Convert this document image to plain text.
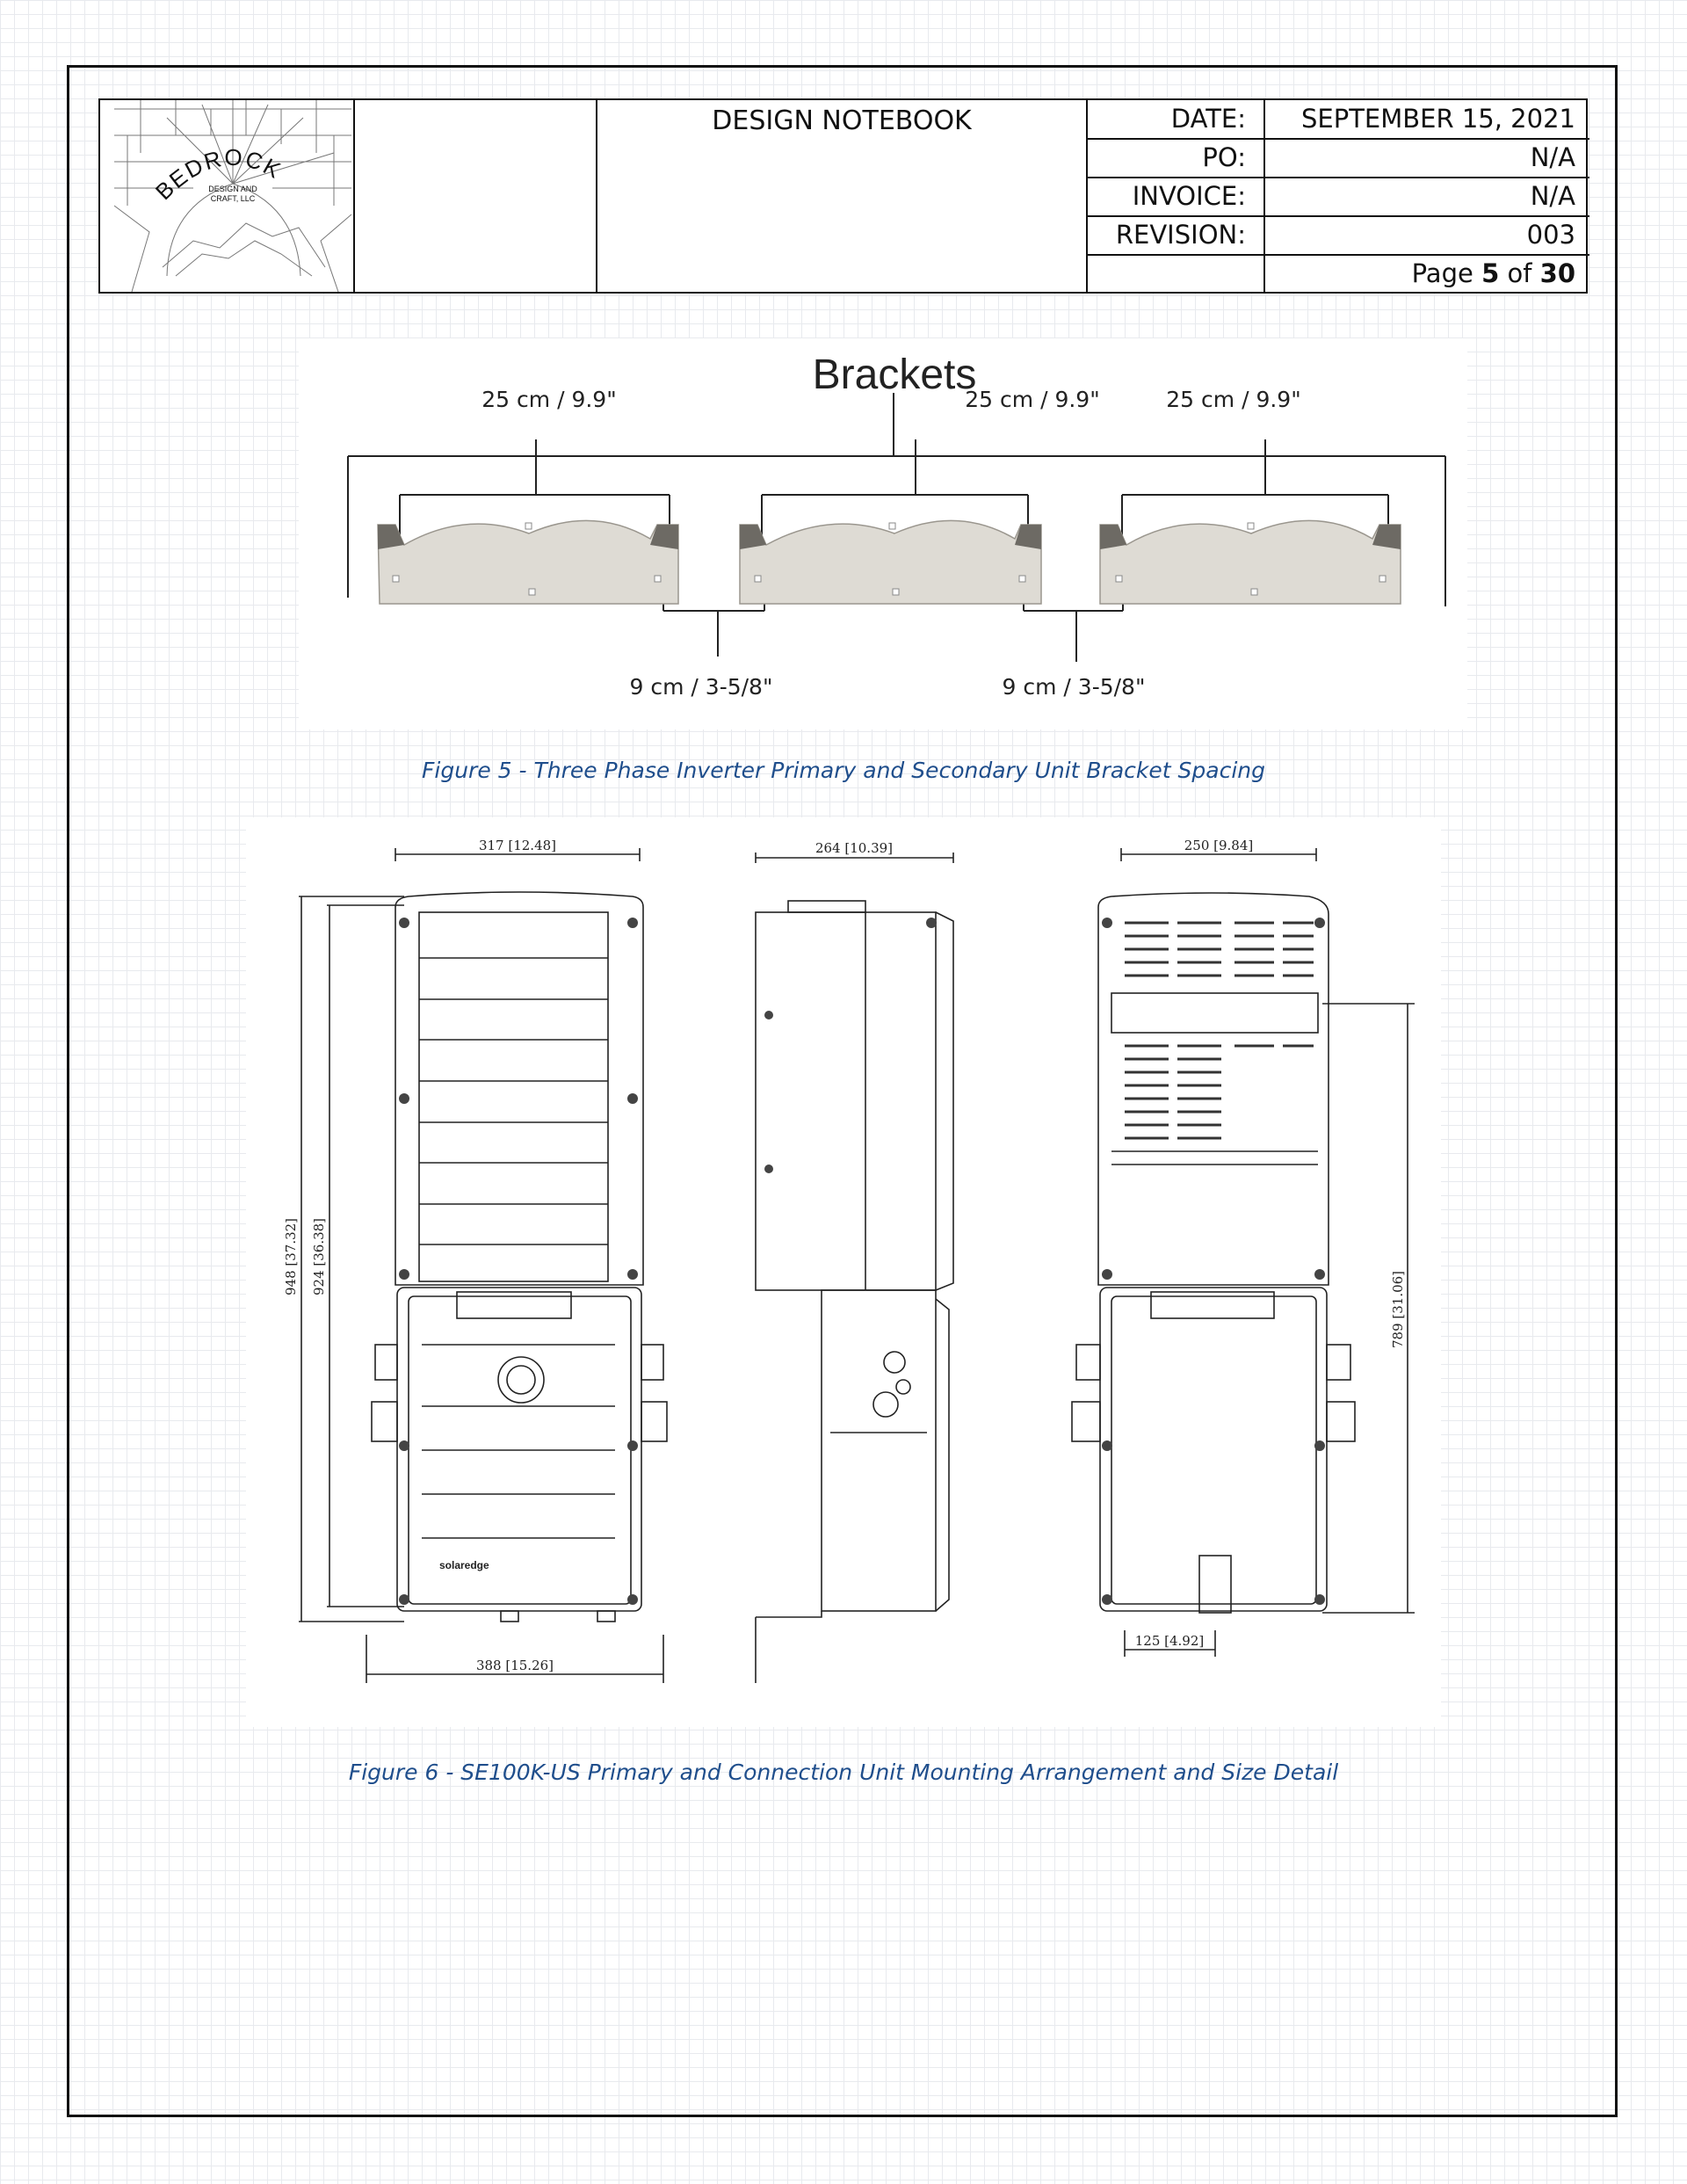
BEDROCK
DESIGN AND
CRAFT, LLC
DESIGN NOTEBOOK	DATE:	SEPTEMBER 15, 2021
PO:	N/A
INVOICE:	N/A
REVISION:	003
Page 5 of 30
Brackets
25 cm / 9.9"	25 cm / 9.9"	25 cm / 9.9"
9 cm / 3-5/8"	9 cm / 3-5/8"
Figure 5 - Three Phase Inverter Primary and Secondary Unit Bracket Spacing
317 [12.48]	264 [10.39]	250 [9.84]
388 [15.26]
125 [4.92]
948 [37.32] 924 [36.38]
789 [31.06]
solaredge
Figure 6 - SE100K-US Primary and Connection Unit Mounting Arrangement and Size Detail
